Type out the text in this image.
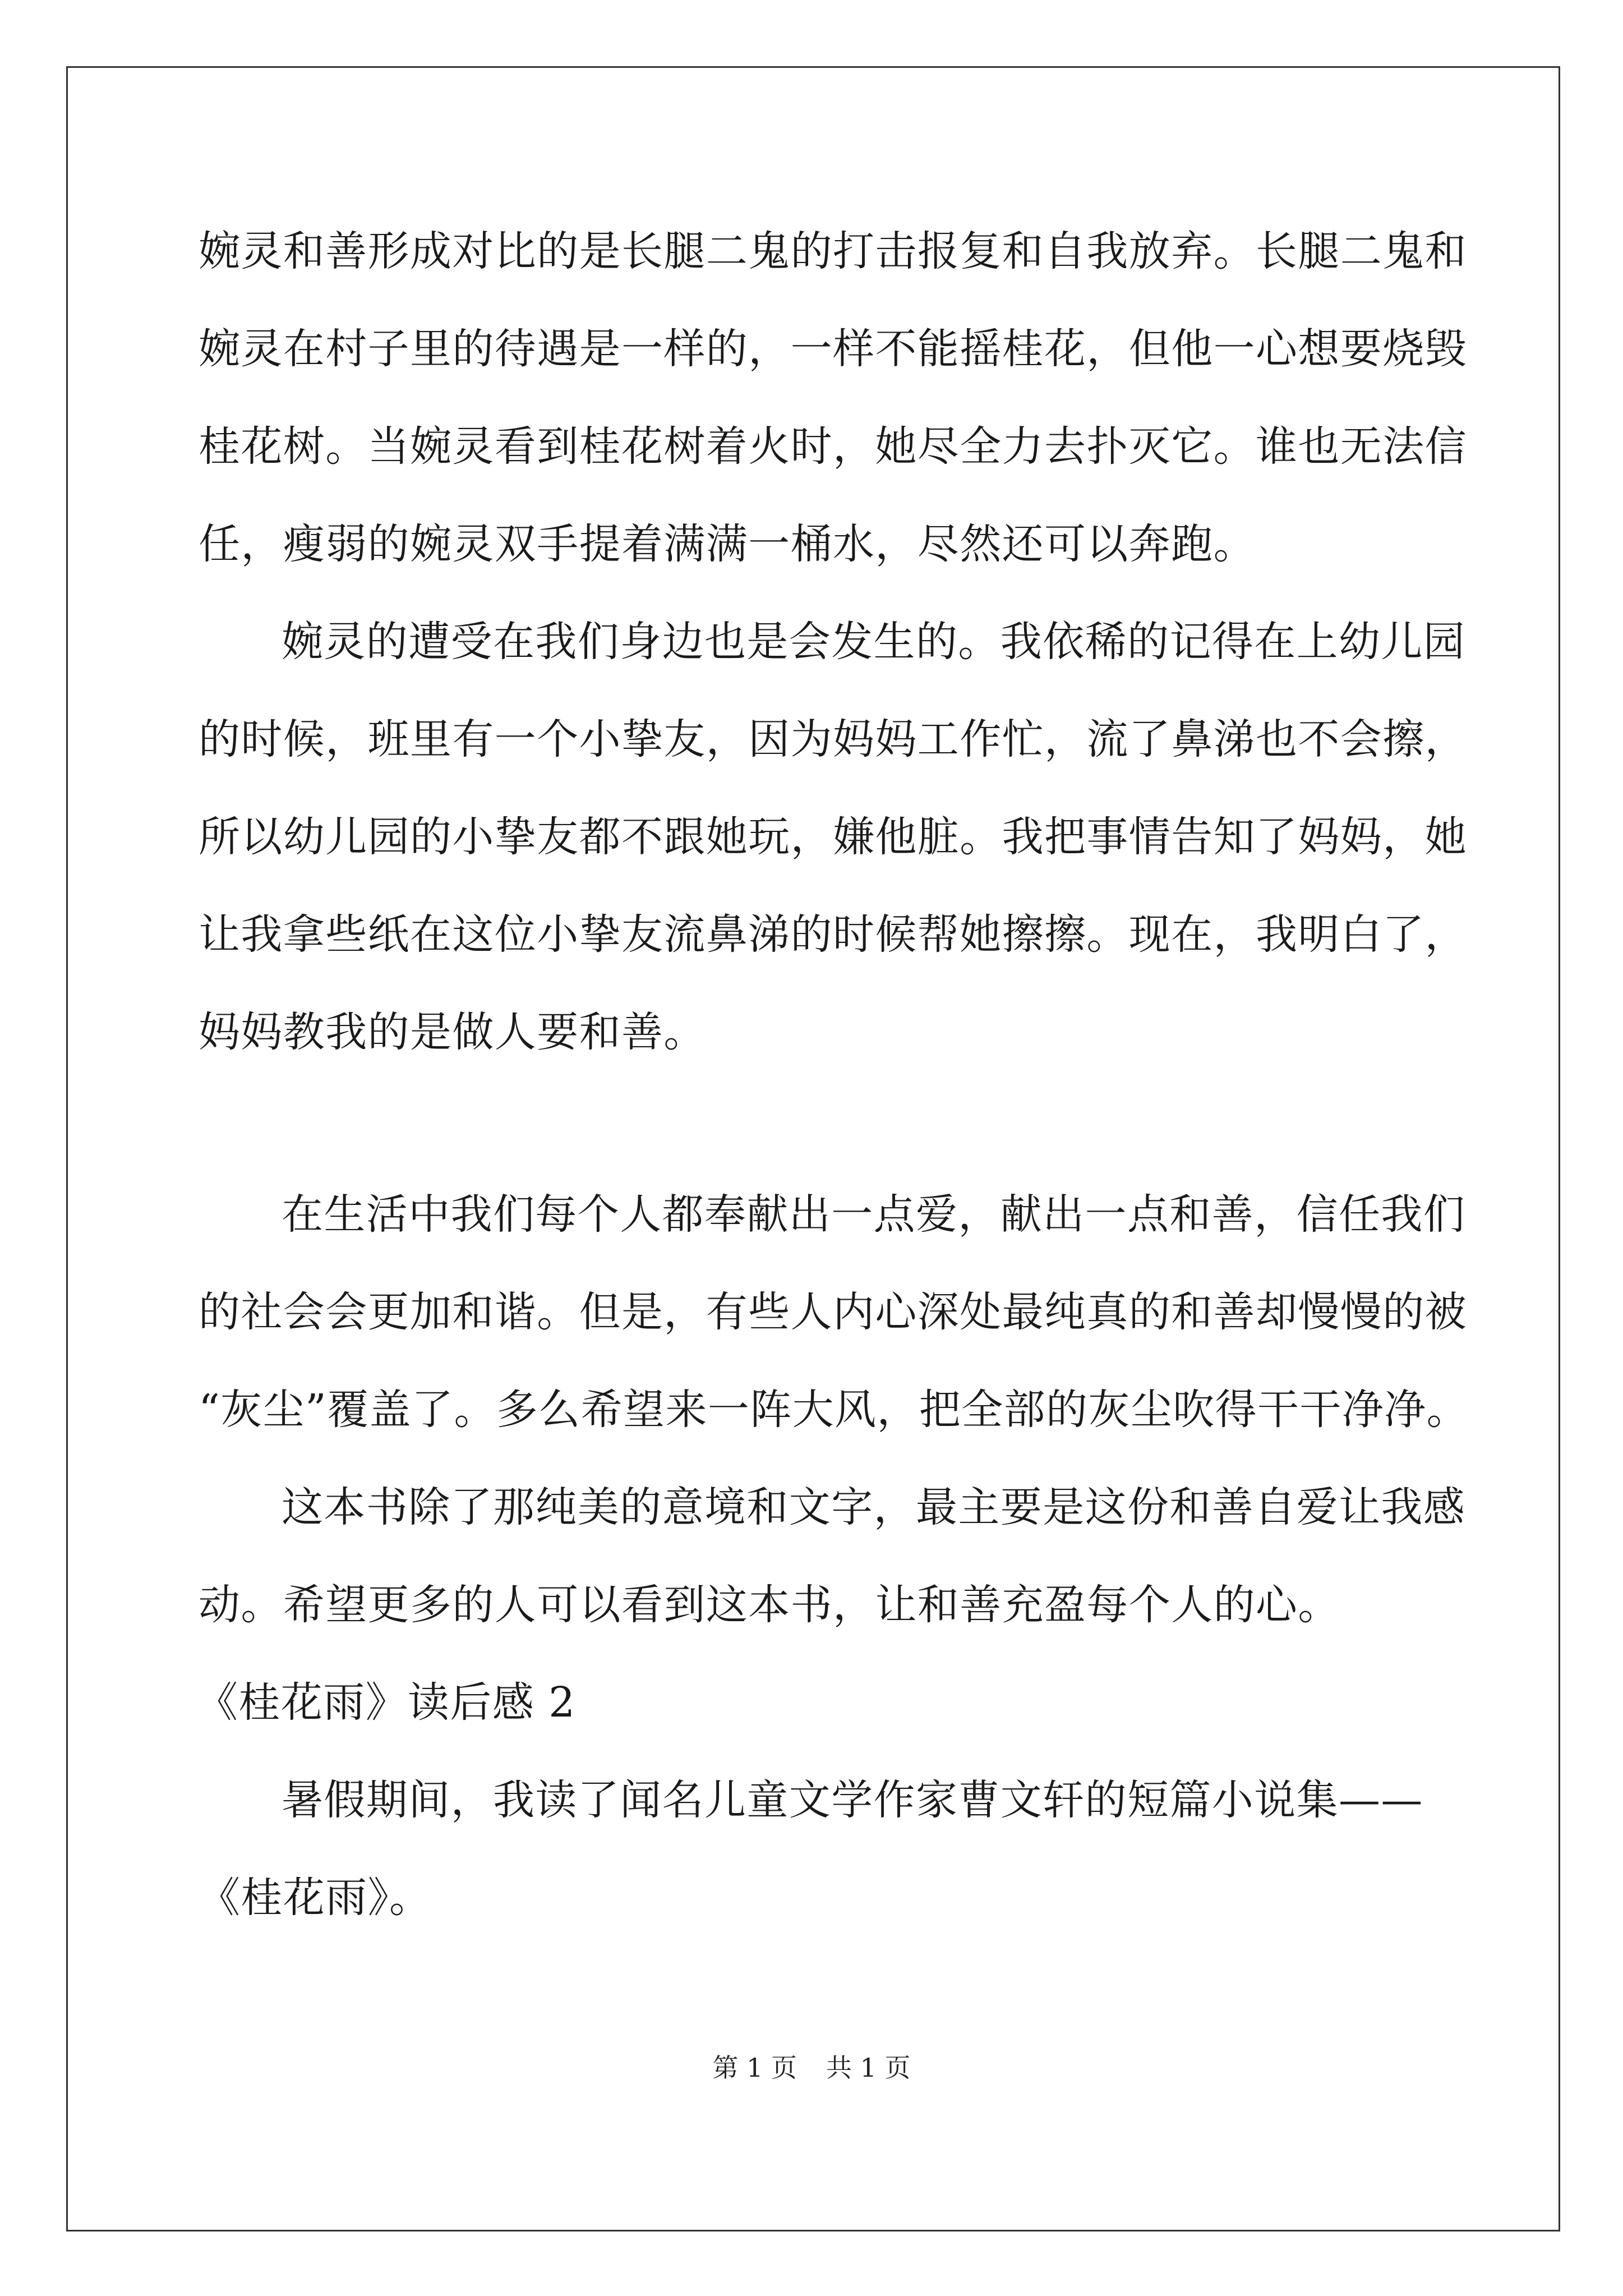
婉灵和善形成对比的是长腿二鬼的打击报复和自我放弃。长腿二鬼和
婉灵在村子里的待遇是一样的，一样不能摇桂花，但他一心想要烧毁
桂花树。当婉灵看到桂花树着火时，她尽全力去扑灭它。谁也无法信
任，瘦弱的婉灵双手提着满满一桶水，尽然还可以奔跑。
婉灵的遭受在我们身边也是会发生的。我依稀的记得在上幼儿园
的时候，班里有一个小挚友，因为妈妈工作忙，流了鼻涕也不会擦，
所以幼儿园的小挚友都不跟她玩，嫌他脏。我把事情告知了妈妈，她
让我拿些纸在这位小挚友流鼻涕的时候帮她擦擦。现在，我明白了，
妈妈教我的是做人要和善。
在生活中我们每个人都奉献出一点爱，献出一点和善，信任我们
的社会会更加和谐。但是，有些人内心深处最纯真的和善却慢慢的被
“灰尘”覆盖了。多么希望来一阵大风，把全部的灰尘吹得干干净净。
这本书除了那纯美的意境和文字，最主要是这份和善自爱让我感
动。希望更多的人可以看到这本书，让和善充盈每个人的心。
《桂花雨》读后感 2
暑假期间，我读了闻名儿童文学作家曹文轩的短篇小说集——
《桂花雨》。
第 1 页 共 1 页
